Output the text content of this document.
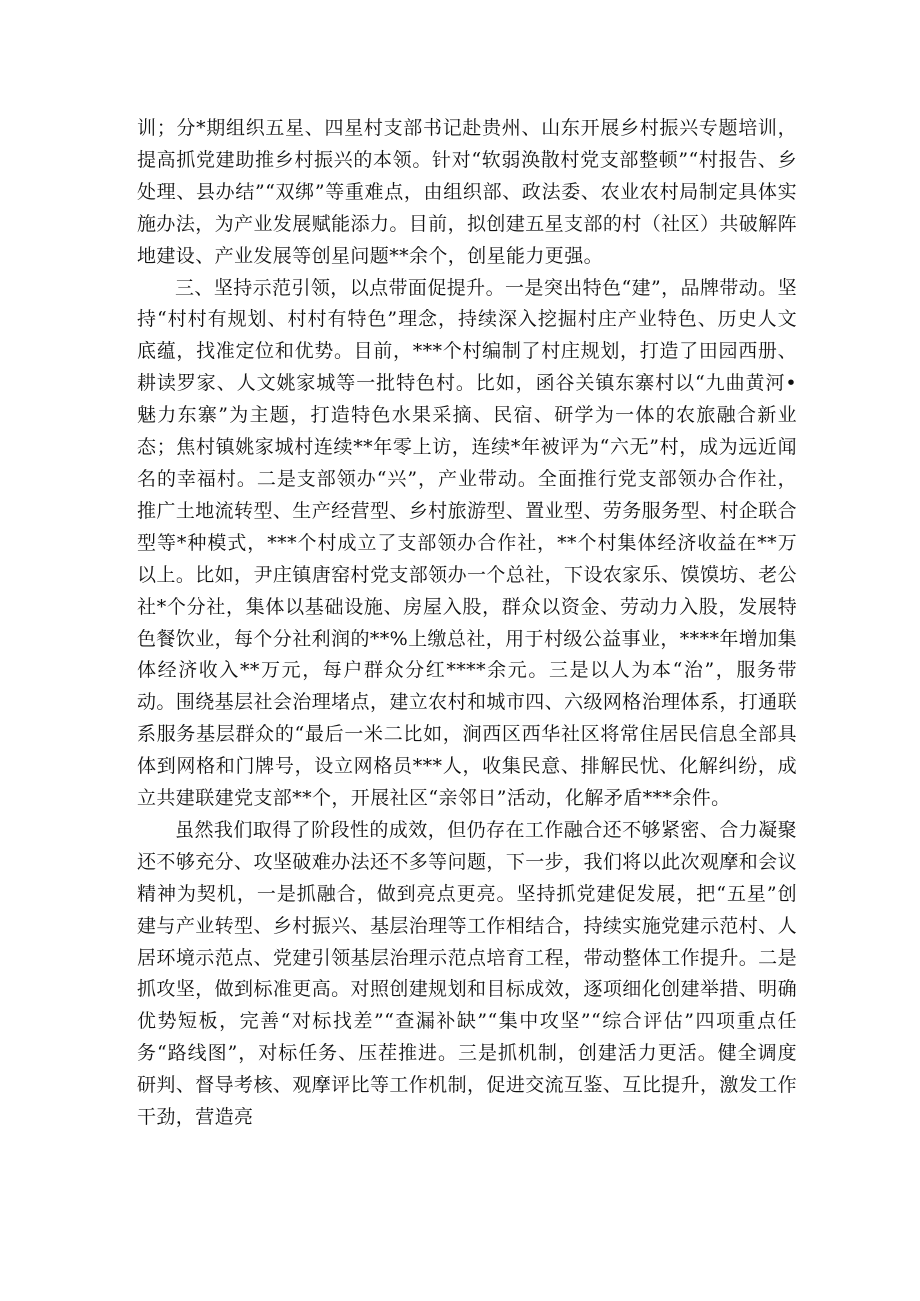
训；分*期组织五星、四星村支部书记赴贵州、山东开展乡村振兴专题培训，提高抓党建助推乡村振兴的本领。针对“软弱涣散村党支部整顿”“村报告、乡处理、县办结”“双绑”等重难点，由组织部、政法委、农业农村局制定具体实施办法，为产业发展赋能添力。目前，拟创建五星支部的村（社区）共破解阵地建设、产业发展等创星问题**余个，创星能力更强。

三、坚持示范引领，以点带面促提升。一是突出特色“建”，品牌带动。坚持“村村有规划、村村有特色”理念，持续深入挖掘村庄产业特色、历史人文底蕴，找准定位和优势。目前，***个村编制了村庄规划，打造了田园西册、耕读罗家、人文姚家城等一批特色村。比如，函谷关镇东寨村以“九曲黄河•魅力东寨”为主题，打造特色水果采摘、民宿、研学为一体的农旅融合新业态；焦村镇姚家城村连续**年零上访，连续*年被评为“六无”村，成为远近闻名的幸福村。二是支部领办“兴”，产业带动。全面推行党支部领办合作社，推广土地流转型、生产经营型、乡村旅游型、置业型、劳务服务型、村企联合型等*种模式，***个村成立了支部领办合作社，**个村集体经济收益在**万以上。比如，尹庄镇唐窑村党支部领办一个总社，下设农家乐、馍馍坊、老公社*个分社，集体以基础设施、房屋入股，群众以资金、劳动力入股，发展特色餐饮业，每个分社利润的**%上缴总社，用于村级公益事业，****年增加集体经济收入**万元，每户群众分红****余元。三是以人为本“治”，服务带动。围绕基层社会治理堵点，建立农村和城市四、六级网格治理体系，打通联系服务基层群众的“最后一米二比如，涧西区西华社区将常住居民信息全部具体到网格和门牌号，设立网格员***人，收集民意、排解民忧、化解纠纷，成立共建联建党支部**个，开展社区“亲邻日”活动，化解矛盾***余件。

虽然我们取得了阶段性的成效，但仍存在工作融合还不够紧密、合力凝聚还不够充分、攻坚破难办法还不多等问题，下一步，我们将以此次观摩和会议精神为契机，一是抓融合，做到亮点更亮。坚持抓党建促发展，把“五星”创建与产业转型、乡村振兴、基层治理等工作相结合，持续实施党建示范村、人居环境示范点、党建引领基层治理示范点培育工程，带动整体工作提升。二是抓攻坚，做到标准更高。对照创建规划和目标成效，逐项细化创建举措、明确优势短板，完善“对标找差”“查漏补缺”“集中攻坚”“综合评估”四项重点任务“路线图”，对标任务、压茬推进。三是抓机制，创建活力更活。健全调度研判、督导考核、观摩评比等工作机制，促进交流互鉴、互比提升，激发工作干劲，营造亮
